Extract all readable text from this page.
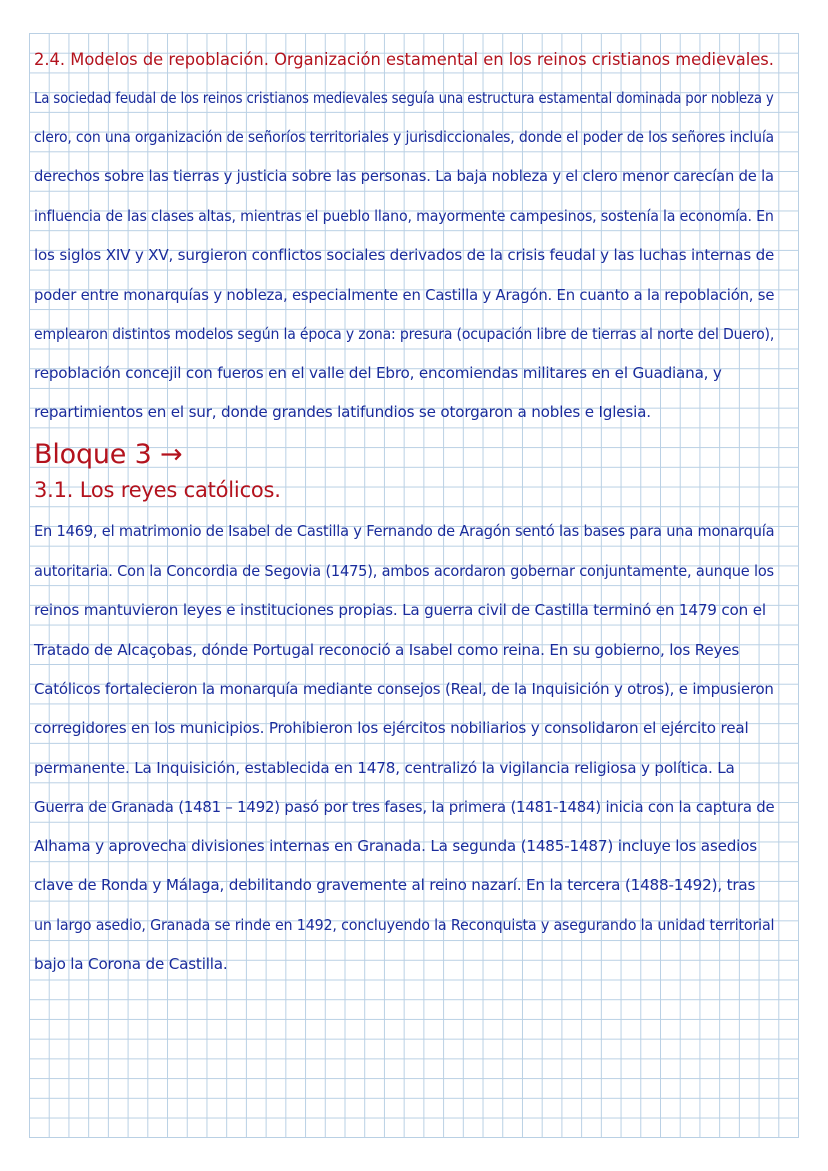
2.4. Modelos de repoblación. Organización estamental en los reinos cristianos medievales.
La sociedad feudal de los reinos cristianos medievales seguía una estructura estamental dominada por nobleza y
clero, con una organización de señoríos territoriales y jurisdiccionales, donde el poder de los señores incluía
derechos sobre las tierras y justicia sobre las personas. La baja nobleza y el clero menor carecían de la
influencia de las clases altas, mientras el pueblo llano, mayormente campesinos, sostenía la economía. En
los siglos XIV y XV, surgieron conflictos sociales derivados de la crisis feudal y las luchas internas de
poder entre monarquías y nobleza, especialmente en Castilla y Aragón. En cuanto a la repoblación, se
emplearon distintos modelos según la época y zona: presura (ocupación libre de tierras al norte del Duero),
repoblación concejil con fueros en el valle del Ebro, encomiendas militares en el Guadiana, y
repartimientos en el sur, donde grandes latifundios se otorgaron a nobles e Iglesia.
Bloque 3 →
3.1. Los reyes católicos.
En 1469, el matrimonio de Isabel de Castilla y Fernando de Aragón sentó las bases para una monarquía
autoritaria. Con la Concordia de Segovia (1475), ambos acordaron gobernar conjuntamente, aunque los
reinos mantuvieron leyes e instituciones propias. La guerra civil de Castilla terminó en 1479 con el
Tratado de Alcaçobas, dónde Portugal reconoció a Isabel como reina. En su gobierno, los Reyes
Católicos fortalecieron la monarquía mediante consejos (Real, de la Inquisición y otros), e impusieron
corregidores en los municipios. Prohibieron los ejércitos nobiliarios y consolidaron el ejército real
permanente. La Inquisición, establecida en 1478, centralizó la vigilancia religiosa y política. La
Guerra de Granada (1481 – 1492) pasó por tres fases, la primera (1481-1484) inicia con la captura de
Alhama y aprovecha divisiones internas en Granada. La segunda (1485-1487) incluye los asedios
clave de Ronda y Málaga, debilitando gravemente al reino nazarí. En la tercera (1488-1492), tras
un largo asedio, Granada se rinde en 1492, concluyendo la Reconquista y asegurando la unidad territorial
bajo la Corona de Castilla.
